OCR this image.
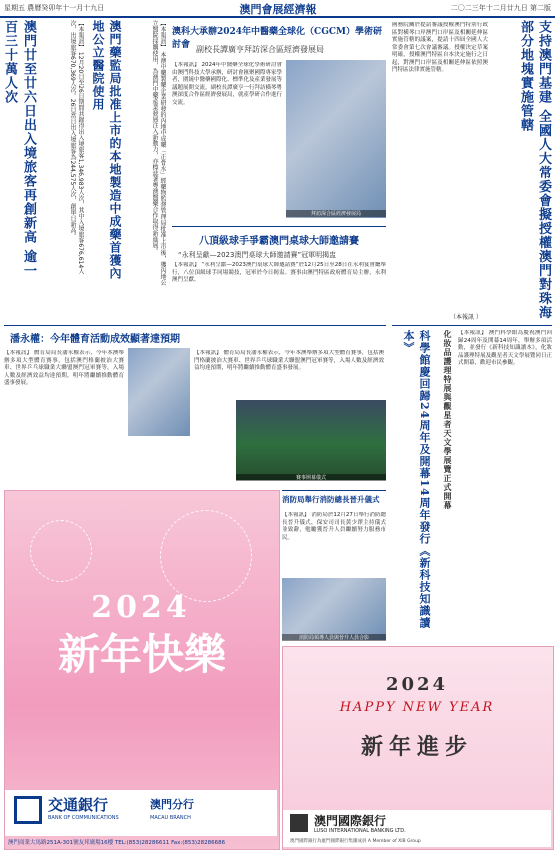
星期五 農曆癸卯年十一月十九日	澳門會展經濟報	二〇二三年十二月廿九日 第二版
澳門廿至廿六日出入境旅客再創新高 逾一百三十萬人次	【本報訊】 12月20日至26日期間共錄得出入境旅客1,346,983人次，其中入境旅客676,614人次，出境旅客670,369人次。26日當日出入境旅客為244,575人次，創單日新高。	澳門藥監局批准上市的本地製造中成藥首獲內地公立醫院使用	【本報訊】 本澳中藥製藥企業研發的內地中成藥「正骨水」經藥物監督管理局批准上市後，獲內地公立醫院採購使用，為澳門中藥產業發展注入新動力，亦標誌著粵澳醫藥合作取得新進展。	澳科大承辦2024年中醫藥全球化（CGCM）學術研討會 副校長譚廣亨拜訪深合區經濟發展局
【本報訊】 2024年中醫藥全球化學術研討會由澳門科技大學承辦，研討會匯聚國際專家學者，圍繞中醫藥國際化、標準化及產業發展等議題展開交流。副校長譚廣亨一行拜訪橫琴粵澳深度合作區經濟發展局，就產學研合作進行交流。
拜訪深合區經濟發展局	支持澳門基建 全國人大常委會擬授權澳門對珠海部分地塊實施管轄
國務院關於提請審議授權澳門特別行政區對橫琴口岸澳門口岸區及相關延伸區實施管轄的議案，提請十四屆全國人大常委會第七次會議審議。授權決定草案明確，授權澳門特區自本決定施行之日起，對澳門口岸區及相關延伸區依照澳門特區法律實施管轄。
（本報訊 ）
八頂級球手爭霸澳門桌球大師邀請賽
“永利呈獻—2023澳門桌球大師邀請賽”冠軍明揭盅
【本報訊】 “永利呈獻—2023澳門桌球大師邀請賽”於12月25日至28日在永利宴會廳舉行，八位頂級球手同場競技，冠軍於今日揭盅。賽事由澳門特區政府體育局主辦，永利澳門呈獻。
潘永權：今年體育活動成效顯著達預期
【本報訊】 體育局局長潘永權表示，今年本澳舉辦多項大型體育賽事，包括澳門格蘭披治大賽車、世界乒乓球職業大聯盟澳門冠軍賽等，入場人數及經濟效益均達預期，明年將繼續推動體育盛事發展。
【本報訊】 體育局局長潘永權表示，今年本澳舉辦多項大型體育賽事，包括澳門格蘭披治大賽車、世界乒乓球職業大聯盟澳門冠軍賽等，入場人數及經濟效益均達預期，明年將繼續推動體育盛事發展。
賽事開幕儀式
消防局舉行消防總長晉升儀式
【本報訊】 消防局於12月27日舉行消防總長晉升儀式，保安司司長黃少澤主持儀式並致辭，勉勵獲晉升人員繼續努力服務市民。
消防局領導人員與晉升人員合影
科學館慶回歸24周年及開幕14周年發行《新科技知識讀本》	化妝品護理特展與觀星者天文學展覽正式開幕 【本報訊】 澳門科學館為慶祝澳門回歸24周年及開幕14周年，舉辦多項活動，並發行《新科技知識讀本》，化妝品護理特展及觀星者天文學展覽同日正式開幕，歡迎市民參觀。
2024
新年快樂
交通銀行
BANK OF COMMUNICATIONS
澳門分行
MACAU BRANCH
澳門商業大馬路251A-301號友邦廣場16樓 TEL:(853)28286611 Fax:(853)28286686
2024
HAPPY NEW YEAR
新年進步
澳門國際銀行
LUSO INTERNATIONAL BANKING LTD.
澳門國際銀行為廈門國際銀行集團成員 A Member of XIB Group
